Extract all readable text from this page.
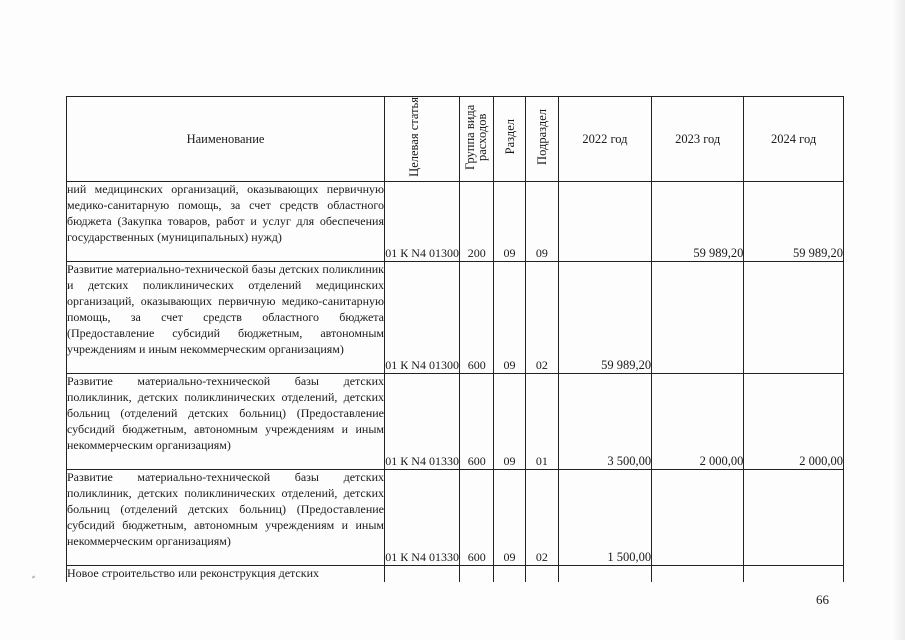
Наименование	Целевая статья	Группа вида расходов	Раздел	Подраздел	2022 год	2023 год	2024 год
ний медицинских организаций, оказывающих первичную медико-санитарную помощь, за счет средств областного бюджета (Закупка товаров, работ и услуг для обеспечения государственных (муниципальных) нужд)	01 К N4 01300	200	09	09		59 989,20	59 989,20
Развитие материально-технической базы детских поликлиник и детских поликлинических отделений медицинских организаций, оказывающих первичную медико-санитарную помощь, за счет средств областного бюджета (Предоставление субсидий бюджетным, автономным учреждениям и иным некоммерческим организациям)	01 К N4 01300	600	09	02	59 989,20		
Развитие материально-технической базы детских поликлиник, детских поликлинических отделений, детских больниц (отделений детских больниц) (Предоставление субсидий бюджетным, автономным учреждениям и иным некоммерческим организациям)	01 К N4 01330	600	09	01	3 500,00	2 000,00	2 000,00
Развитие материально-технической базы детских поликлиник, детских поликлинических отделений, детских больниц (отделений детских больниц) (Предоставление субсидий бюджетным, автономным учреждениям и иным некоммерческим организациям)	01 К N4 01330	600	09	02	1 500,00		
Новое строительство или реконструкция детских							
66
